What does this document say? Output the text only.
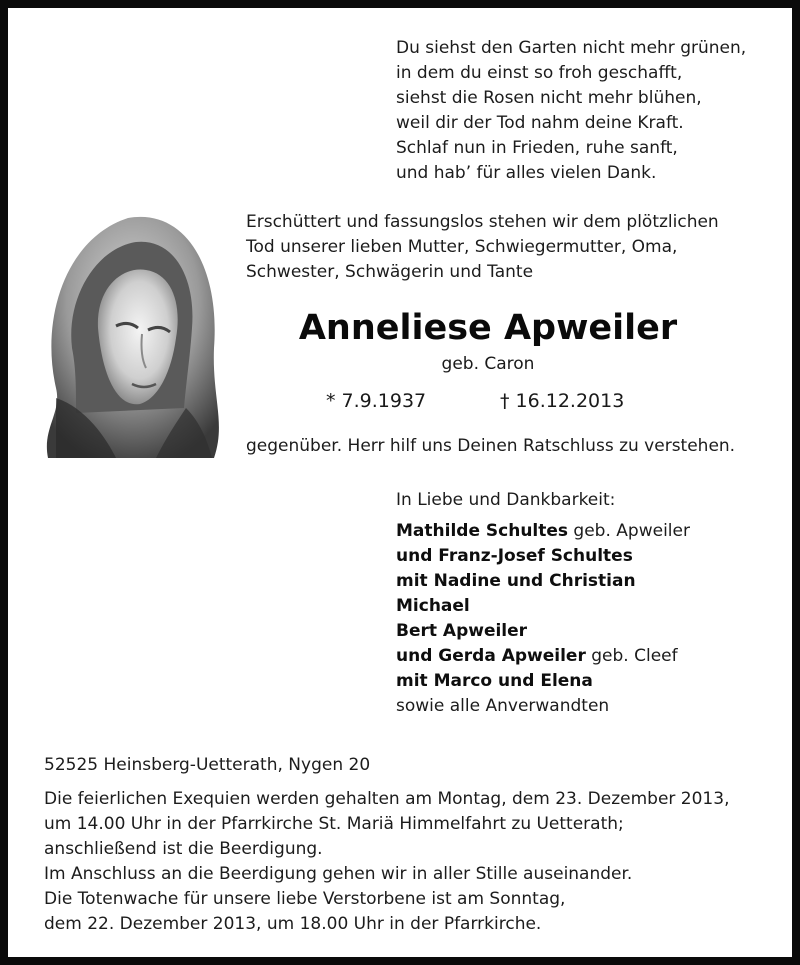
Du siehst den Garten nicht mehr grünen,
in dem du einst so froh geschafft,
siehst die Rosen nicht mehr blühen,
weil dir der Tod nahm deine Kraft.
Schlaf nun in Frieden, ruhe sanft,
und hab’ für alles vielen Dank.
Erschüttert und fassungslos stehen wir dem plötzlichen
Tod unserer lieben Mutter, Schwiegermutter, Oma,
Schwester, Schwägerin und Tante
Anneliese Apweiler
geb. Caron
* 7.9.1937	† 16.12.2013
gegenüber. Herr hilf uns Deinen Ratschluss zu verstehen.
In Liebe und Dankbarkeit:
Mathilde Schultes geb. Apweiler
und Franz-Josef Schultes
mit Nadine und Christian
Michael
Bert Apweiler
und Gerda Apweiler geb. Cleef
mit Marco und Elena
sowie alle Anverwandten
52525 Heinsberg-Uetterath, Nygen 20
Die feierlichen Exequien werden gehalten am Montag, dem 23. Dezember 2013,
um 14.00 Uhr in der Pfarrkirche St. Mariä Himmelfahrt zu Uetterath;
anschließend ist die Beerdigung.
Im Anschluss an die Beerdigung gehen wir in aller Stille auseinander.
Die Totenwache für unsere liebe Verstorbene ist am Sonntag,
dem 22. Dezember 2013, um 18.00 Uhr in der Pfarrkirche.
